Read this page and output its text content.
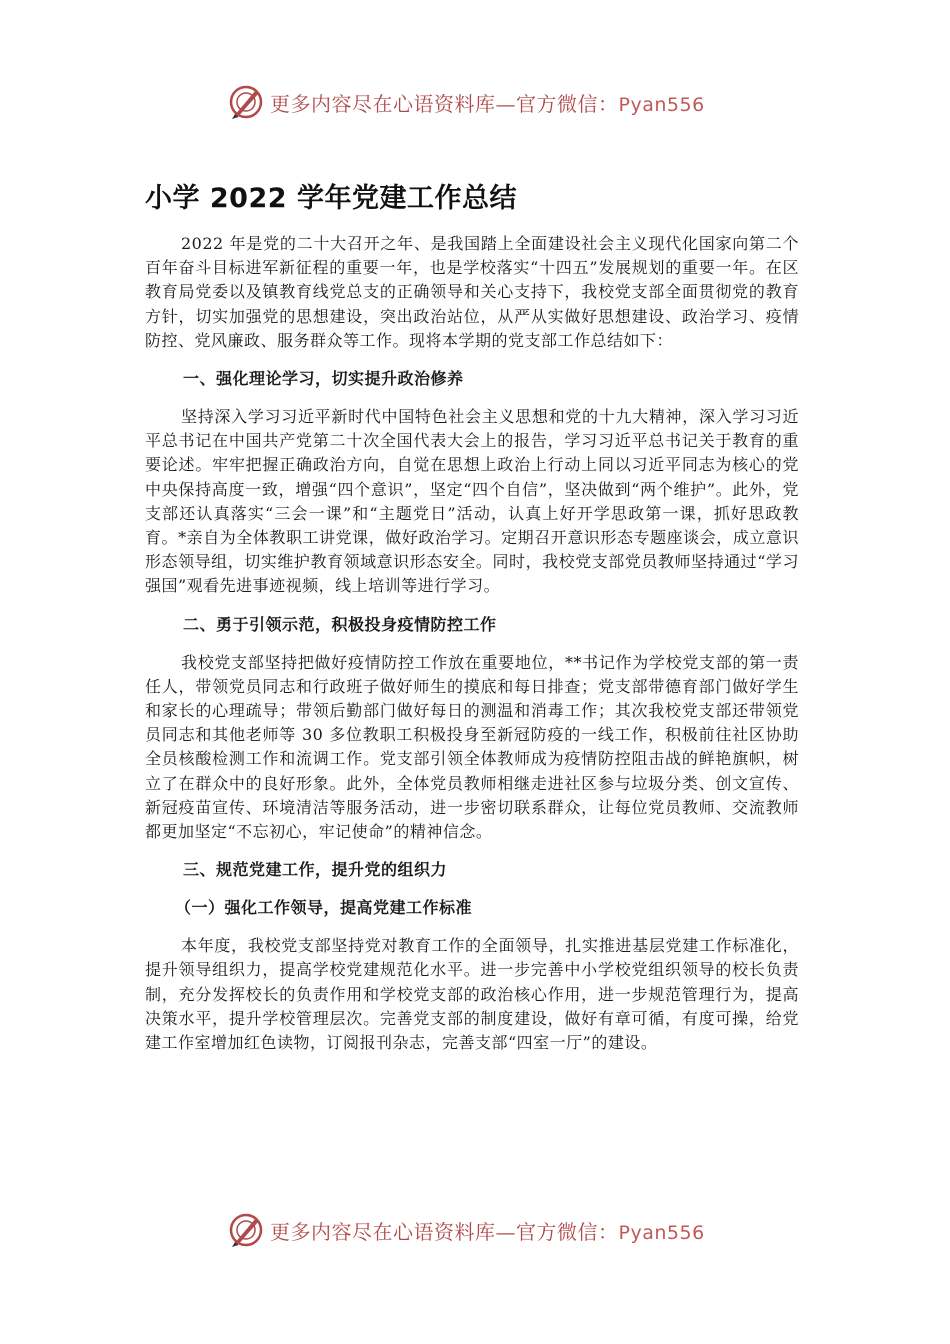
更多内容尽在心语资料库—官方微信：Pyan556
小学 2022 学年党建工作总结

2022 年是党的二十大召开之年、是我国踏上全面建设社会主义现代化国家向第二个百年奋斗目标进军新征程的重要一年，也是学校落实“十四五”发展规划的重要一年。在区教育局党委以及镇教育线党总支的正确领导和关心支持下，我校党支部全面贯彻党的教育方针，切实加强党的思想建设，突出政治站位，从严从实做好思想建设、政治学习、疫情防控、党风廉政、服务群众等工作。现将本学期的党支部工作总结如下：

一、强化理论学习，切实提升政治修养

坚持深入学习习近平新时代中国特色社会主义思想和党的十九大精神，深入学习习近平总书记在中国共产党第二十次全国代表大会上的报告，学习习近平总书记关于教育的重要论述。牢牢把握正确政治方向，自觉在思想上政治上行动上同以习近平同志为核心的党中央保持高度一致，增强“四个意识”，坚定“四个自信”，坚决做到“两个维护”。此外，党支部还认真落实“三会一课”和“主题党日”活动，认真上好开学思政第一课，抓好思政教育。*亲自为全体教职工讲党课，做好政治学习。定期召开意识形态专题座谈会，成立意识形态领导组，切实维护教育领域意识形态安全。同时，我校党支部党员教师坚持通过“学习强国”观看先进事迹视频，线上培训等进行学习。

二、勇于引领示范，积极投身疫情防控工作

我校党支部坚持把做好疫情防控工作放在重要地位，**书记作为学校党支部的第一责任人，带领党员同志和行政班子做好师生的摸底和每日排查；党支部带德育部门做好学生和家长的心理疏导；带领后勤部门做好每日的测温和消毒工作；其次我校党支部还带领党员同志和其他老师等 30 多位教职工积极投身至新冠防疫的一线工作，积极前往社区协助全员核酸检测工作和流调工作。党支部引领全体教师成为疫情防控阻击战的鲜艳旗帜，树立了在群众中的良好形象。此外，全体党员教师相继走进社区参与垃圾分类、创文宣传、新冠疫苗宣传、环境清洁等服务活动，进一步密切联系群众，让每位党员教师、交流教师都更加坚定“不忘初心，牢记使命”的精神信念。

三、规范党建工作，提升党的组织力

（一）强化工作领导，提高党建工作标准

本年度，我校党支部坚持党对教育工作的全面领导，扎实推进基层党建工作标准化，提升领导组织力，提高学校党建规范化水平。进一步完善中小学校党组织领导的校长负责制，充分发挥校长的负责作用和学校党支部的政治核心作用，进一步规范管理行为，提高决策水平，提升学校管理层次。完善党支部的制度建设，做好有章可循，有度可操，给党建工作室增加红色读物，订阅报刊杂志，完善支部“四室一厅”的建设。

更多内容尽在心语资料库—官方微信：Pyan556
